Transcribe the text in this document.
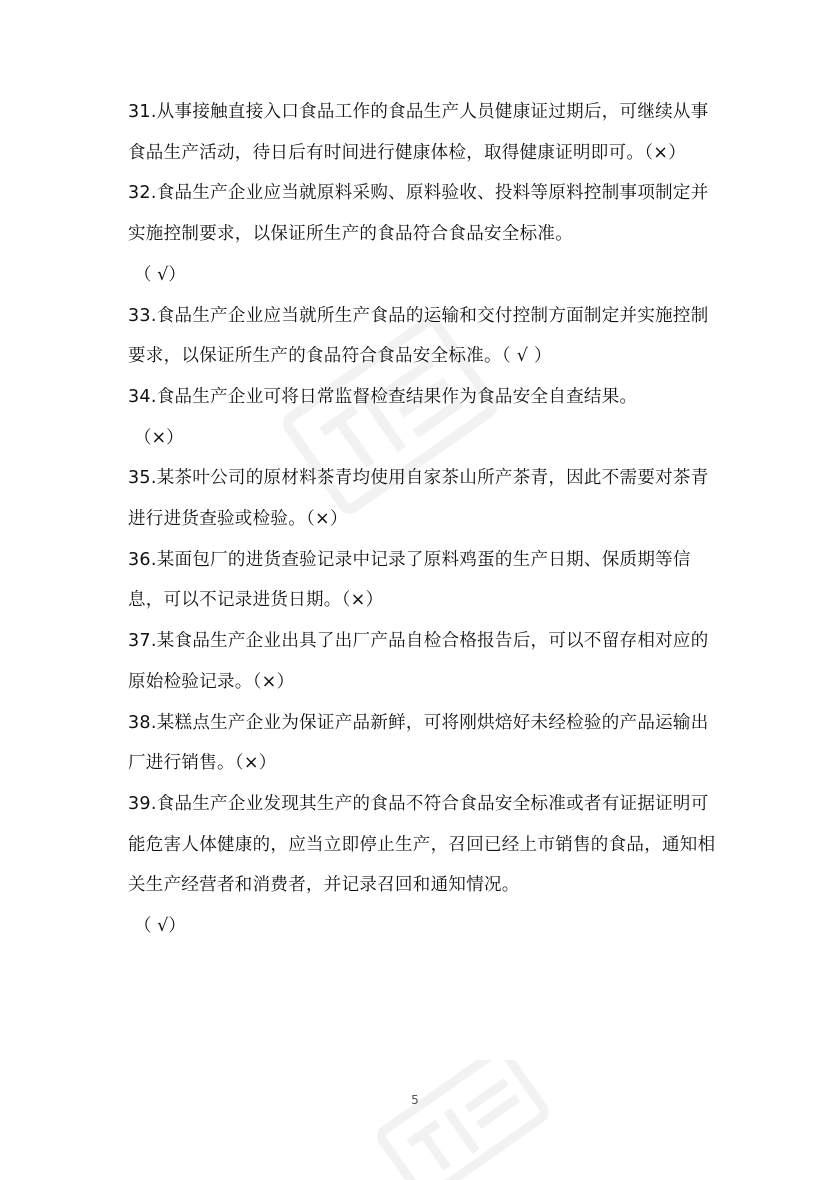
31.从事接触直接入口食品工作的食品生产人员健康证过期后，可继续从事食品生产活动，待日后有时间进行健康体检，取得健康证明即可。（×）
32.食品生产企业应当就原料采购、原料验收、投料等原料控制事项制定并实施控制要求，以保证所生产的食品符合食品安全标准。
（ √）
33.食品生产企业应当就所生产食品的运输和交付控制方面制定并实施控制要求，以保证所生产的食品符合食品安全标准。（ √ ）
34.食品生产企业可将日常监督检查结果作为食品安全自查结果。
（×）
35.某茶叶公司的原材料茶青均使用自家茶山所产茶青，因此不需要对茶青进行进货查验或检验。（×）
36.某面包厂的进货查验记录中记录了原料鸡蛋的生产日期、保质期等信息，可以不记录进货日期。（×）
37.某食品生产企业出具了出厂产品自检合格报告后，可以不留存相对应的原始检验记录。（×）
38.某糕点生产企业为保证产品新鲜，可将刚烘焙好未经检验的产品运输出厂进行销售。（×）
39.食品生产企业发现其生产的食品不符合食品安全标准或者有证据证明可能危害人体健康的，应当立即停止生产，召回已经上市销售的食品，通知相关生产经营者和消费者，并记录召回和通知情况。
（ √）
5
